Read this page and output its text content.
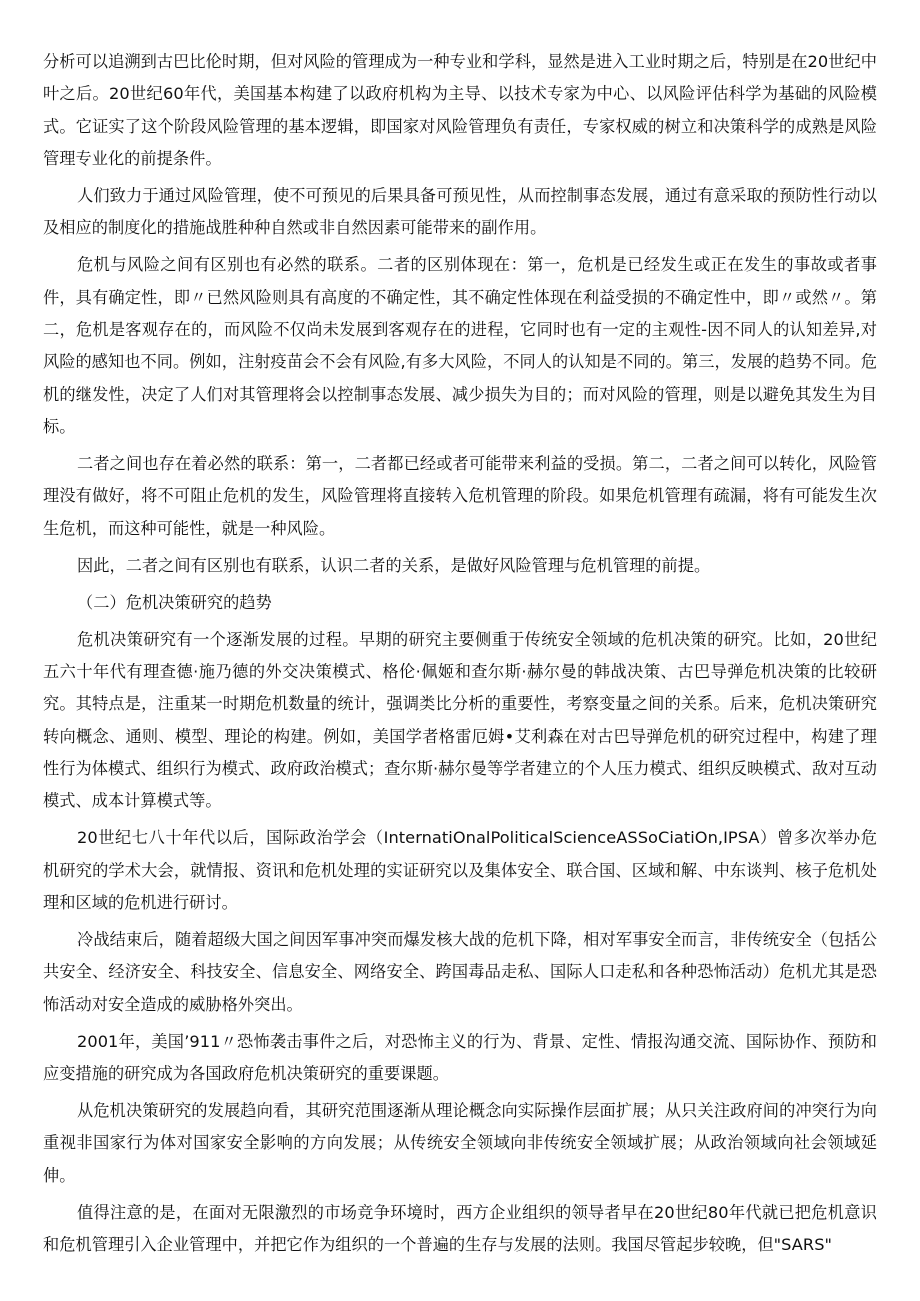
分析可以追溯到古巴比伦时期，但对风险的管理成为一种专业和学科，显然是进入工业时期之后，特别是在20世纪中叶之后。20世纪60年代，美国基本构建了以政府机构为主导、以技术专家为中心、以风险评估科学为基础的风险模式。它证实了这个阶段风险管理的基本逻辑，即国家对风险管理负有责任，专家权威的树立和决策科学的成熟是风险管理专业化的前提条件。

人们致力于通过风险管理，使不可预见的后果具备可预见性，从而控制事态发展，通过有意采取的预防性行动以及相应的制度化的措施战胜种种自然或非自然因素可能带来的副作用。

危机与风险之间有区别也有必然的联系。二者的区别体现在：第一，危机是已经发生或正在发生的事故或者事件，具有确定性，即〃已然风险则具有高度的不确定性，其不确定性体现在利益受损的不确定性中，即〃或然〃。第二，危机是客观存在的，而风险不仅尚未发展到客观存在的进程，它同时也有一定的主观性-因不同人的认知差异,对风险的感知也不同。例如，注射疫苗会不会有风险,有多大风险，不同人的认知是不同的。第三，发展的趋势不同。危机的继发性，决定了人们对其管理将会以控制事态发展、减少损失为目的；而对风险的管理，则是以避免其发生为目标。

二者之间也存在着必然的联系：第一，二者都已经或者可能带来利益的受损。第二，二者之间可以转化，风险管理没有做好，将不可阻止危机的发生，风险管理将直接转入危机管理的阶段。如果危机管理有疏漏，将有可能发生次生危机，而这种可能性，就是一种风险。

因此，二者之间有区别也有联系，认识二者的关系，是做好风险管理与危机管理的前提。

（二）危机决策研究的趋势

危机决策研究有一个逐渐发展的过程。早期的研究主要侧重于传统安全领域的危机决策的研究。比如，20世纪五六十年代有理查德·施乃德的外交决策模式、格伦·佩姬和查尔斯·赫尔曼的韩战决策、古巴导弹危机决策的比较研究。其特点是，注重某一时期危机数量的统计，强调类比分析的重要性，考察变量之间的关系。后来，危机决策研究转向概念、通则、模型、理论的构建。例如，美国学者格雷厄姆•艾利森在对古巴导弹危机的研究过程中，构建了理性行为体模式、组织行为模式、政府政治模式；查尔斯·赫尔曼等学者建立的个人压力模式、组织反映模式、敌对互动模式、成本计算模式等。

20世纪七八十年代以后，国际政治学会（InternatiOnalPoliticalScienceASSoCiatiOn,IPSA）曾多次举办危机研究的学术大会，就情报、资讯和危机处理的实证研究以及集体安全、联合国、区域和解、中东谈判、核子危机处理和区域的危机进行研讨。

冷战结束后，随着超级大国之间因军事冲突而爆发核大战的危机下降，相对军事安全而言，非传统安全（包括公共安全、经济安全、科技安全、信息安全、网络安全、跨国毒品走私、国际人口走私和各种恐怖活动）危机尤其是恐怖活动对安全造成的威胁格外突出。

2001年，美国’911〃恐怖袭击事件之后，对恐怖主义的行为、背景、定性、情报沟通交流、国际协作、预防和应变措施的研究成为各国政府危机决策研究的重要课题。

从危机决策研究的发展趋向看，其研究范围逐渐从理论概念向实际操作层面扩展；从只关注政府间的冲突行为向重视非国家行为体对国家安全影响的方向发展；从传统安全领域向非传统安全领域扩展；从政治领域向社会领域延伸。

值得注意的是，在面对无限激烈的市场竞争环境时，西方企业组织的领导者早在20世纪80年代就已把危机意识和危机管理引入企业管理中，并把它作为组织的一个普遍的生存与发展的法则。我国尽管起步较晚，但"SARS"
